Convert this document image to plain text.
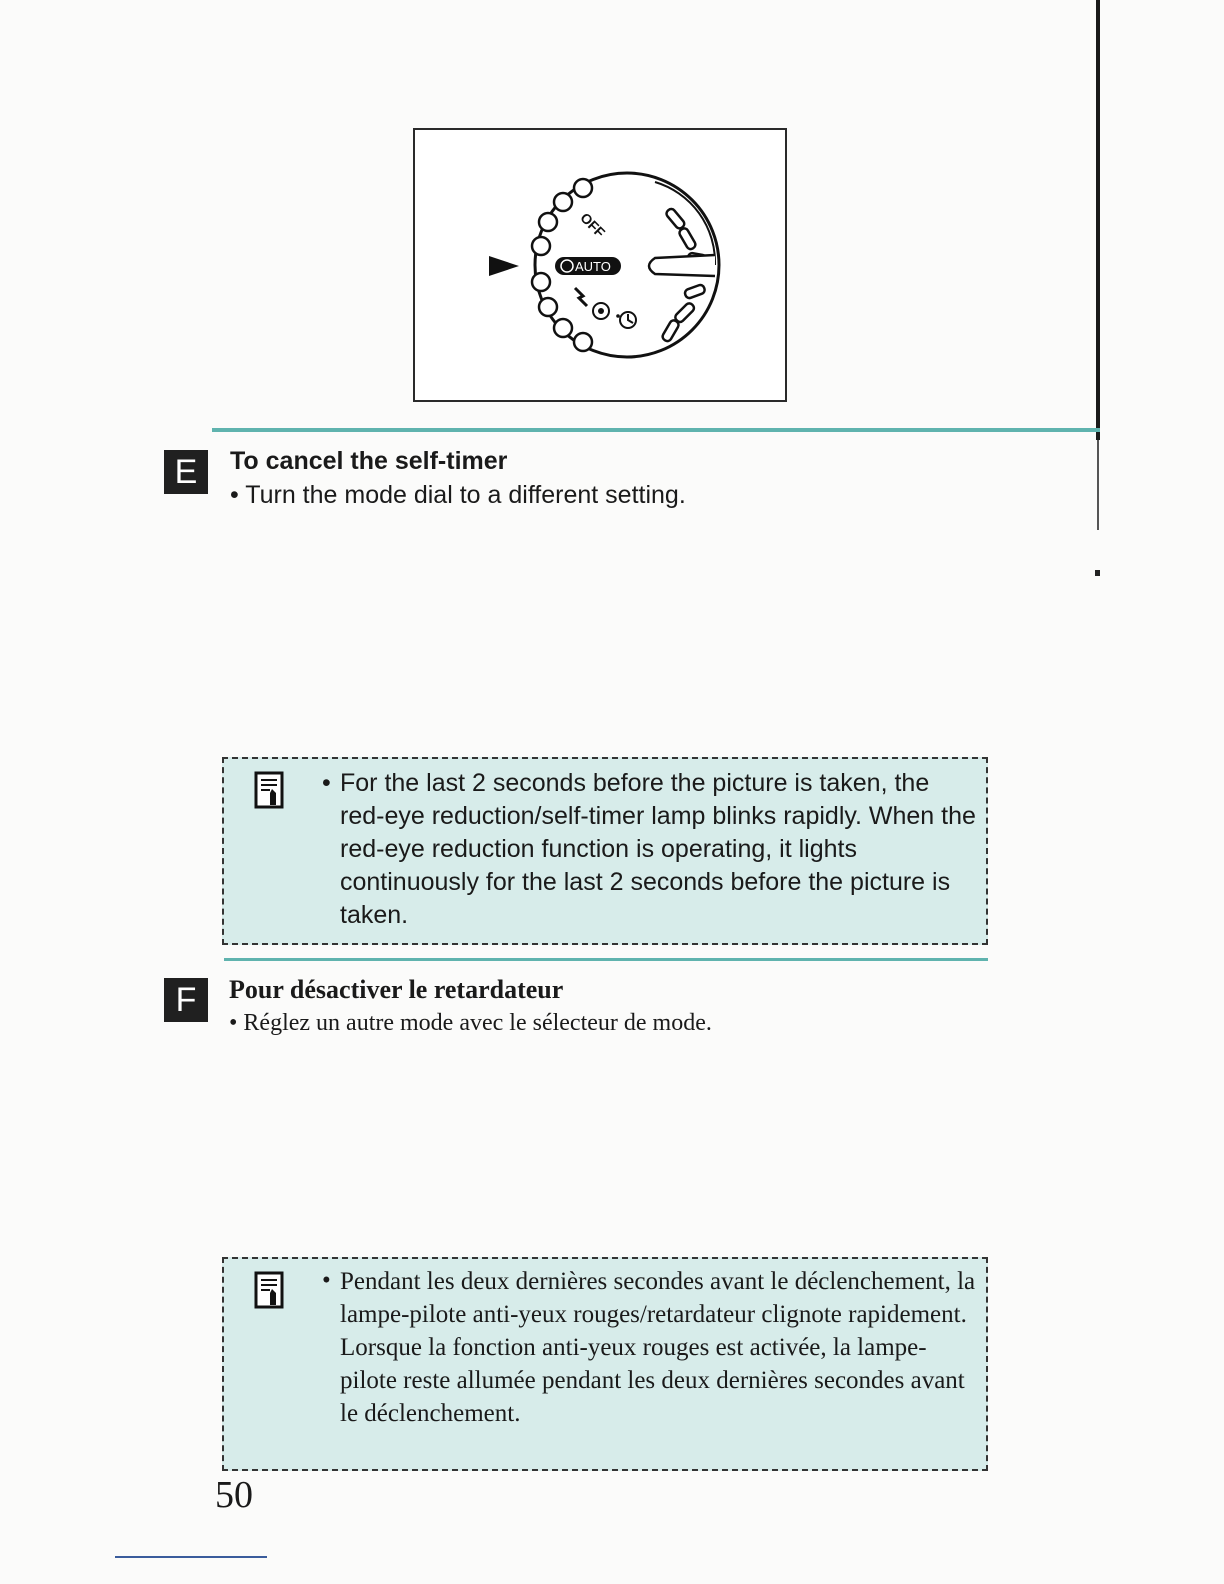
AUTO
OFF
E	To cancel the self-timer
• Turn the mode dial to a different setting.
• For the last 2 seconds before the picture is taken, the red-eye reduction/self-timer lamp blinks rapidly. When the red-eye reduction function is operating, it lights continuously for the last 2 seconds before the picture is taken.
F	Pour désactiver le retardateur
• Réglez un autre mode avec le sélecteur de mode.
• Pendant les deux dernières secondes avant le déclenchement, la lampe-pilote anti-yeux rouges/retardateur clignote rapidement. Lorsque la fonction anti-yeux rouges est activée, la lampe-pilote reste allumée pendant les deux dernières secondes avant le déclenchement.
50
